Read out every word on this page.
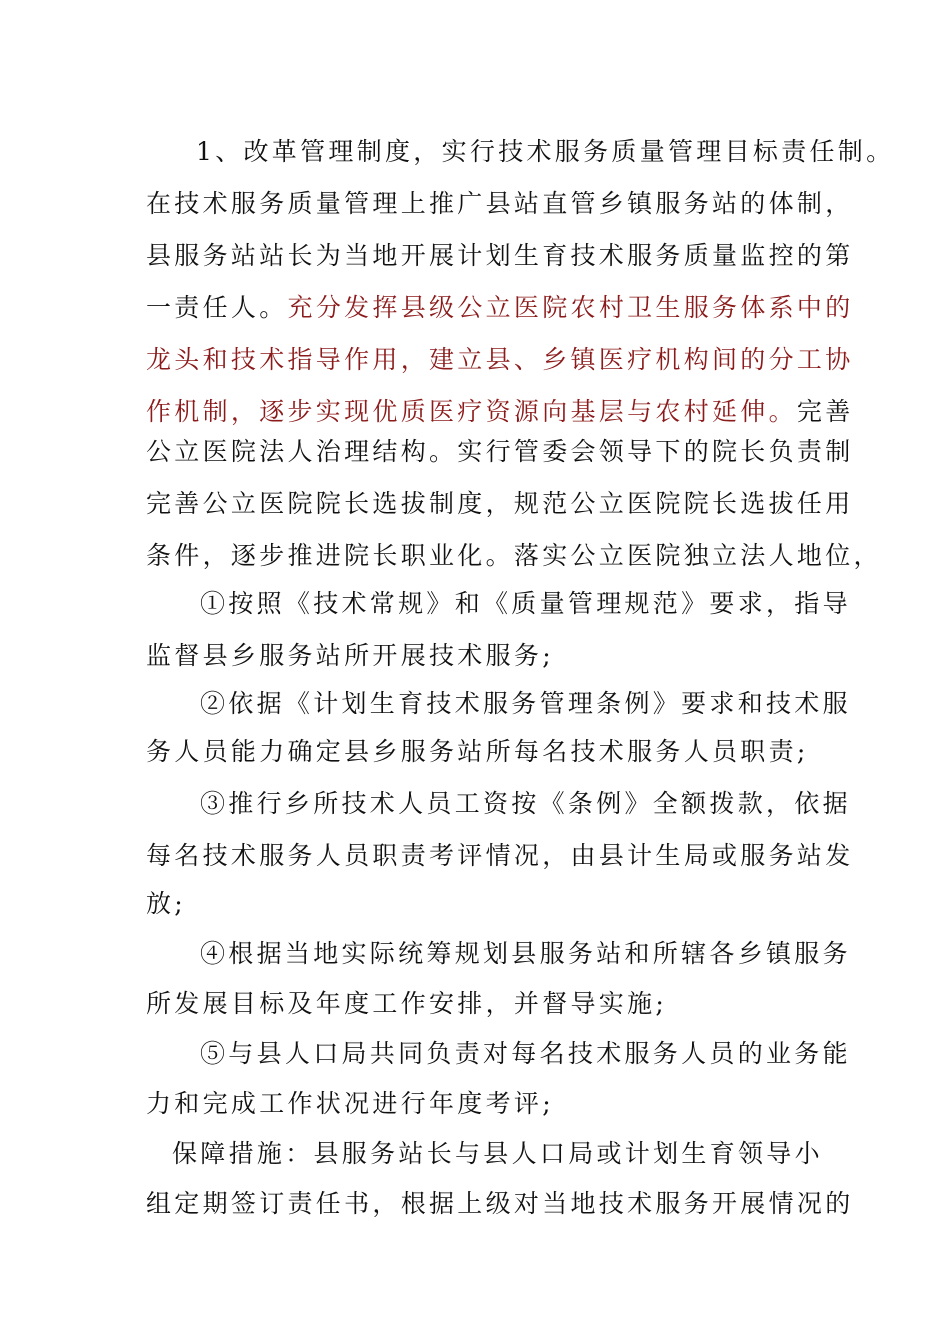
1、改革管理制度，实行技术服务质量管理目标责任制。
在技术服务质量管理上推广县站直管乡镇服务站的体制，
县服务站站长为当地开展计划生育技术服务质量监控的第
一责任人。充分发挥县级公立医院农村卫生服务体系中的
龙头和技术指导作用，建立县、乡镇医疗机构间的分工协
作机制，逐步实现优质医疗资源向基层与农村延伸。完善
公立医院法人治理结构。实行管委会领导下的院长负责制
完善公立医院院长选拔制度，规范公立医院院长选拔任用
条件，逐步推进院长职业化。落实公立医院独立法人地位，
①按照《技术常规》和《质量管理规范》要求，指导
监督县乡服务站所开展技术服务;
②依据《计划生育技术服务管理条例》要求和技术服
务人员能力确定县乡服务站所每名技术服务人员职责;
③推行乡所技术人员工资按《条例》全额拨款，依据
每名技术服务人员职责考评情况，由县计生局或服务站发
放;
④根据当地实际统筹规划县服务站和所辖各乡镇服务
所发展目标及年度工作安排，并督导实施;
⑤与县人口局共同负责对每名技术服务人员的业务能
力和完成工作状况进行年度考评;
保障措施：县服务站长与县人口局或计划生育领导小
组定期签订责任书，根据上级对当地技术服务开展情况的
